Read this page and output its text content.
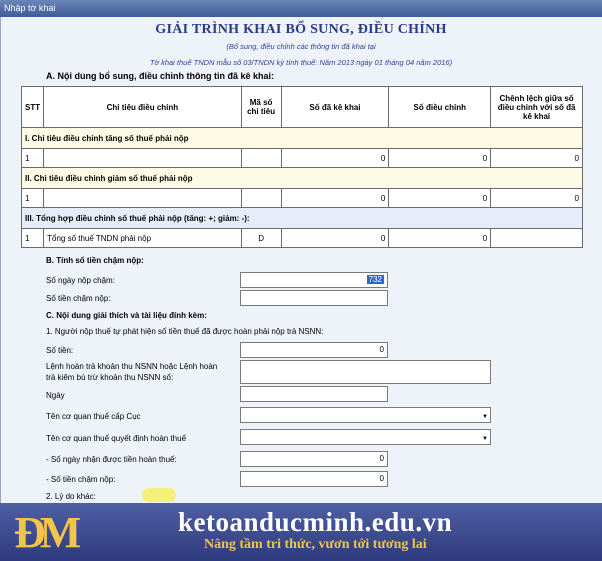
Nhập tờ khai
GIẢI TRÌNH KHAI BỔ SUNG, ĐIỀU CHỈNH
(Bổ sung, điều chỉnh các thông tin đã khai tại
Tờ khai thuế TNDN mẫu số 03/TNDN kỳ tính thuế: Năm 2013 ngày 01 tháng 04 năm 2016)
A. Nội dung bổ sung, điều chỉnh thông tin đã kê khai:
STT	Chỉ tiêu điều chỉnh	Mã số chỉ tiêu	Số đã kê khai	Số điều chỉnh	Chênh lệch giữa số điều chỉnh với số đã kê khai
I. Chỉ tiêu điều chỉnh tăng số thuế phải nộp					
1			0	0	0
II. Chỉ tiêu điều chỉnh giảm số thuế phải nộp					
1			0	0	0
III. Tổng hợp điều chỉnh số thuế phải nộp (tăng: +; giảm: -):					
1	Tổng số thuế TNDN phải nộp	D	0	0	
B. Tính số tiền chậm nộp:
Số ngày nộp chậm:	732
Số tiền chậm nộp:
C. Nội dung giải thích và tài liệu đính kèm:
1. Người nộp thuế tự phát hiện số tiền thuế đã được hoàn phải nộp trả NSNN:
Số tiền:	0
Lệnh hoàn trả khoản thu NSNN hoặc Lệnh hoàn trả kiêm bù trừ khoản thu NSNN số:
Ngày
Tên cơ quan thuế cấp Cục	▼
Tên cơ quan thuế quyết định hoàn thuế	▼
- Số ngày nhận được tiền hoàn thuế:	0
- Số tiền chậm nộp:	0
2. Lý do khác:
ĐM	ketoanducminh.edu.vn
Nâng tầm tri thức, vươn tới tương lai
